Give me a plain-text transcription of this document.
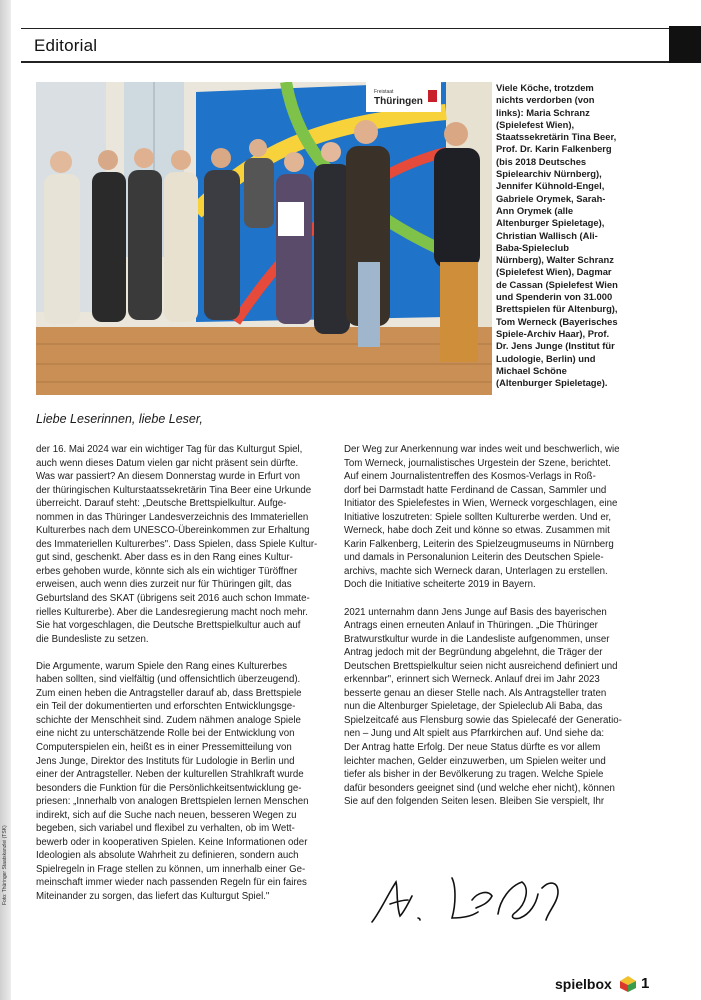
Editorial
Freistaat
Thüringen
Viele Köche, trotzdem nichts verdorben (von links): Maria Schranz (Spielefest Wien), Staatssekretärin Tina Beer, Prof. Dr. Karin Falkenberg (bis 2018 Deutsches Spielearchiv Nürnberg), Jennifer Kühnold-Engel, Gabriele Orymek, Sarah-Ann Orymek (alle Altenburger Spieletage), Christian Wallisch (Ali-Baba-Spieleclub Nürnberg), Walter Schranz (Spielefest Wien), Dagmar de Cassan (Spielefest Wien und Spenderin von 31.000 Brettspielen für Altenburg), Tom Werneck (Bayerisches Spiele-Archiv Haar), Prof. Dr. Jens Junge (Institut für Ludologie, Berlin) und Michael Schöne (Altenburger Spieletage).
Liebe Leserinnen, liebe Leser,

der 16. Mai 2024 war ein wichtiger Tag für das Kulturgut Spiel,
auch wenn dieses Datum vielen gar nicht präsent sein dürfte.
Was war passiert? An diesem Donnerstag wurde in Erfurt von
der thüringischen Kulturstaatssekretärin Tina Beer eine Urkunde
überreicht. Darauf steht: „Deutsche Brettspielkultur. Aufge-
nommen in das Thüringer Landesverzeichnis des Immateriellen
Kulturerbes nach dem UNESCO-Übereinkommen zur Erhaltung
des Immateriellen Kulturerbes". Dass Spielen, dass Spiele Kultur-
gut sind, geschenkt. Aber dass es in den Rang eines Kultur-
erbes gehoben wurde, könnte sich als ein wichtiger Türöffner
erweisen, auch wenn dies zurzeit nur für Thüringen gilt, das
Geburtsland des SKAT (übrigens seit 2016 auch schon Immate-
rielles Kulturerbe). Aber die Landesregierung macht noch mehr.
Sie hat vorgeschlagen, die Deutsche Brettspielkultur auch auf
die Bundesliste zu setzen.

Die Argumente, warum Spiele den Rang eines Kulturerbes
haben sollten, sind vielfältig (und offensichtlich überzeugend).
Zum einen heben die Antragsteller darauf ab, dass Brettspiele
ein Teil der dokumentierten und erforschten Entwicklungsge-
schichte der Menschheit sind. Zudem nähmen analoge Spiele
eine nicht zu unterschätzende Rolle bei der Entwicklung von
Computerspielen ein, heißt es in einer Pressemitteilung von
Jens Junge, Direktor des Instituts für Ludologie in Berlin und
einer der Antragsteller. Neben der kulturellen Strahlkraft wurde
besonders die Funktion für die Persönlichkeitsentwicklung ge-
priesen: „Innerhalb von analogen Brettspielen lernen Menschen
indirekt, sich auf die Suche nach neuen, besseren Wegen zu
begeben, sich variabel und flexibel zu verhalten, ob im Wett-
bewerb oder in kooperativen Spielen. Keine Informationen oder
Ideologien als absolute Wahrheit zu definieren, sondern auch
Spielregeln in Frage stellen zu können, um innerhalb einer Ge-
meinschaft immer wieder nach passenden Regeln für ein faires
Miteinander zu sorgen, das liefert das Kulturgut Spiel."

Der Weg zur Anerkennung war indes weit und beschwerlich, wie
Tom Werneck, journalistisches Urgestein der Szene, berichtet.
Auf einem Journalistentreffen des Kosmos-Verlags in Roß-
dorf bei Darmstadt hatte Ferdinand de Cassan, Sammler und
Initiator des Spielefestes in Wien, Werneck vorgeschlagen, eine
Initiative loszutreten: Spiele sollten Kulturerbe werden. Und er,
Werneck, habe doch Zeit und könne so etwas. Zusammen mit
Karin Falkenberg, Leiterin des Spielzeugmuseums in Nürnberg
und damals in Personalunion Leiterin des Deutschen Spiele-
archivs, machte sich Werneck daran, Unterlagen zu erstellen.
Doch die Initiative scheiterte 2019 in Bayern.

2021 unternahm dann Jens Junge auf Basis des bayerischen
Antrags einen erneuten Anlauf in Thüringen. „Die Thüringer
Bratwurstkultur wurde in die Landesliste aufgenommen, unser
Antrag jedoch mit der Begründung abgelehnt, die Träger der
Deutschen Brettspielkultur seien nicht ausreichend definiert und
erkennbar", erinnert sich Werneck. Anlauf drei im Jahr 2023
besserte genau an dieser Stelle nach. Als Antragsteller traten
nun die Altenburger Spieletage, der Spieleclub Ali Baba, das
Spielzeitcafé aus Flensburg sowie das Spielecafé der Generatio-
nen – Jung und Alt spielt aus Pfarrkirchen auf. Und siehe da:
Der Antrag hatte Erfolg. Der neue Status dürfte es vor allem
leichter machen, Gelder einzuwerben, um Spielen weiter und
tiefer als bisher in der Bevölkerung zu tragen. Welche Spiele
dafür besonders geeignet sind (und welche eher nicht), können
Sie auf den folgenden Seiten lesen. Bleiben Sie verspielt, Ihr

Foto: Thüringer Staatskanzlei (TSK)
spielbox 1
